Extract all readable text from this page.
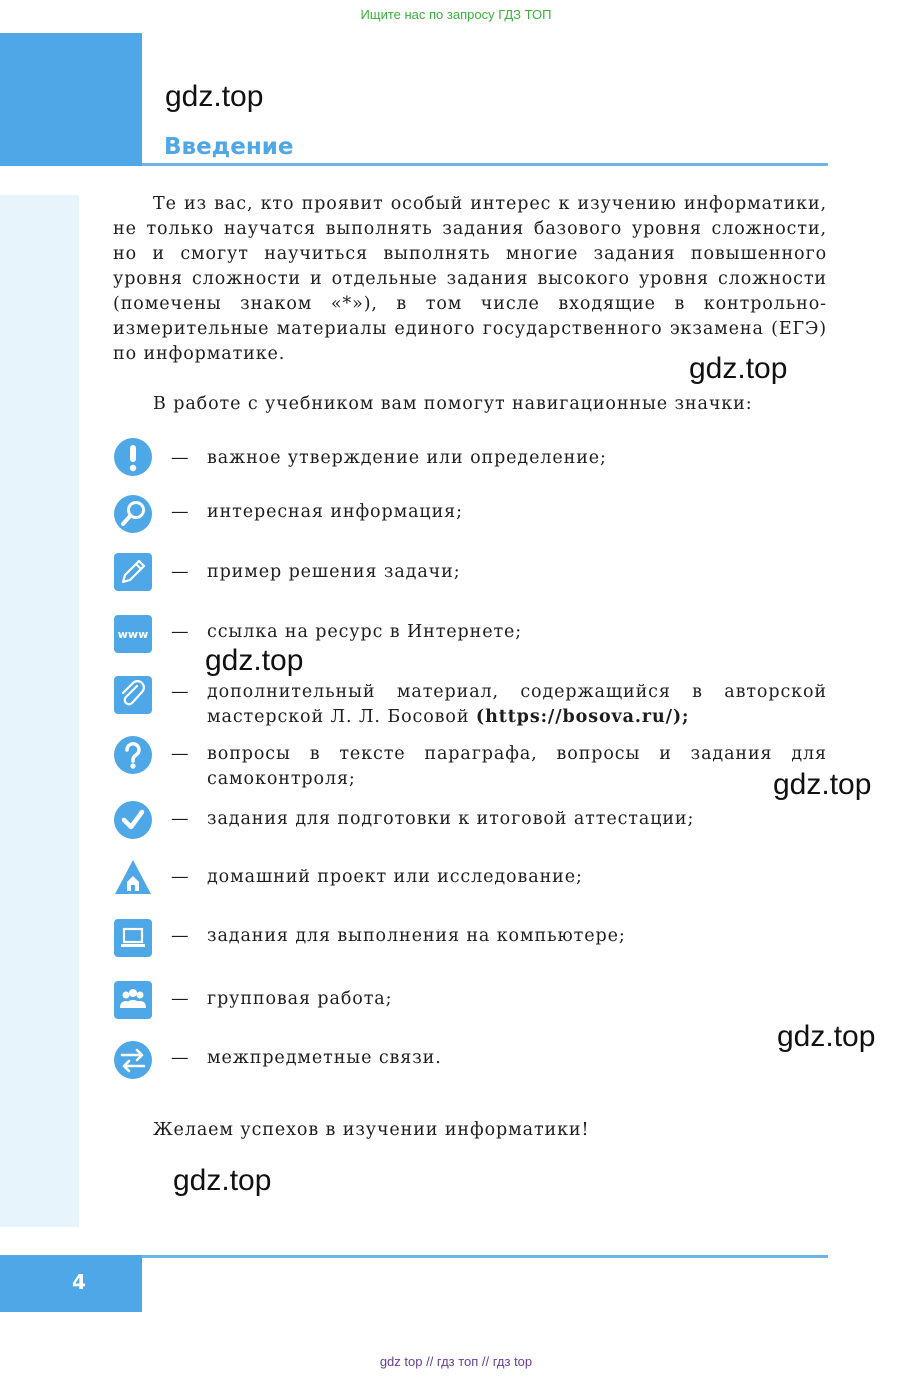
Ищите нас по запросу ГДЗ ТОП
gdz.top
Введение

Те из вас, кто проявит особый интерес к изучению информатики, не только научатся выполнять задания базового уровня сложности, но и смогут научиться выполнять многие задания повышенного уровня сложности и отдельные задания высокого уровня сложности (помечены знаком «*»), в том числе входящие в контрольно-измерительные материалы единого государственного экзамена (ЕГЭ) по информатике.	gdz.top

В работе с учебником вам помогут навигационные значки:

— важное утверждение или определение;

— интересная информация;

— пример решения задачи;

www — ссылка на ресурс в Интернете;

gdz.top
— дополнительный материал, содержащийся в авторской мастерской Л. Л. Босовой (https://bosova.ru/);

— вопросы в тексте параграфа, вопросы и задания для самоконтроля;	gdz.top
— задания для подготовки к итоговой аттестации;

— домашний проект или исследование;

— задания для выполнения на компьютере;

— групповая работа;

gdz.top
— межпредметные связи.

Желаем успехов в изучении информатики!

gdz.top
4
gdz top // гдз топ // гдз top
